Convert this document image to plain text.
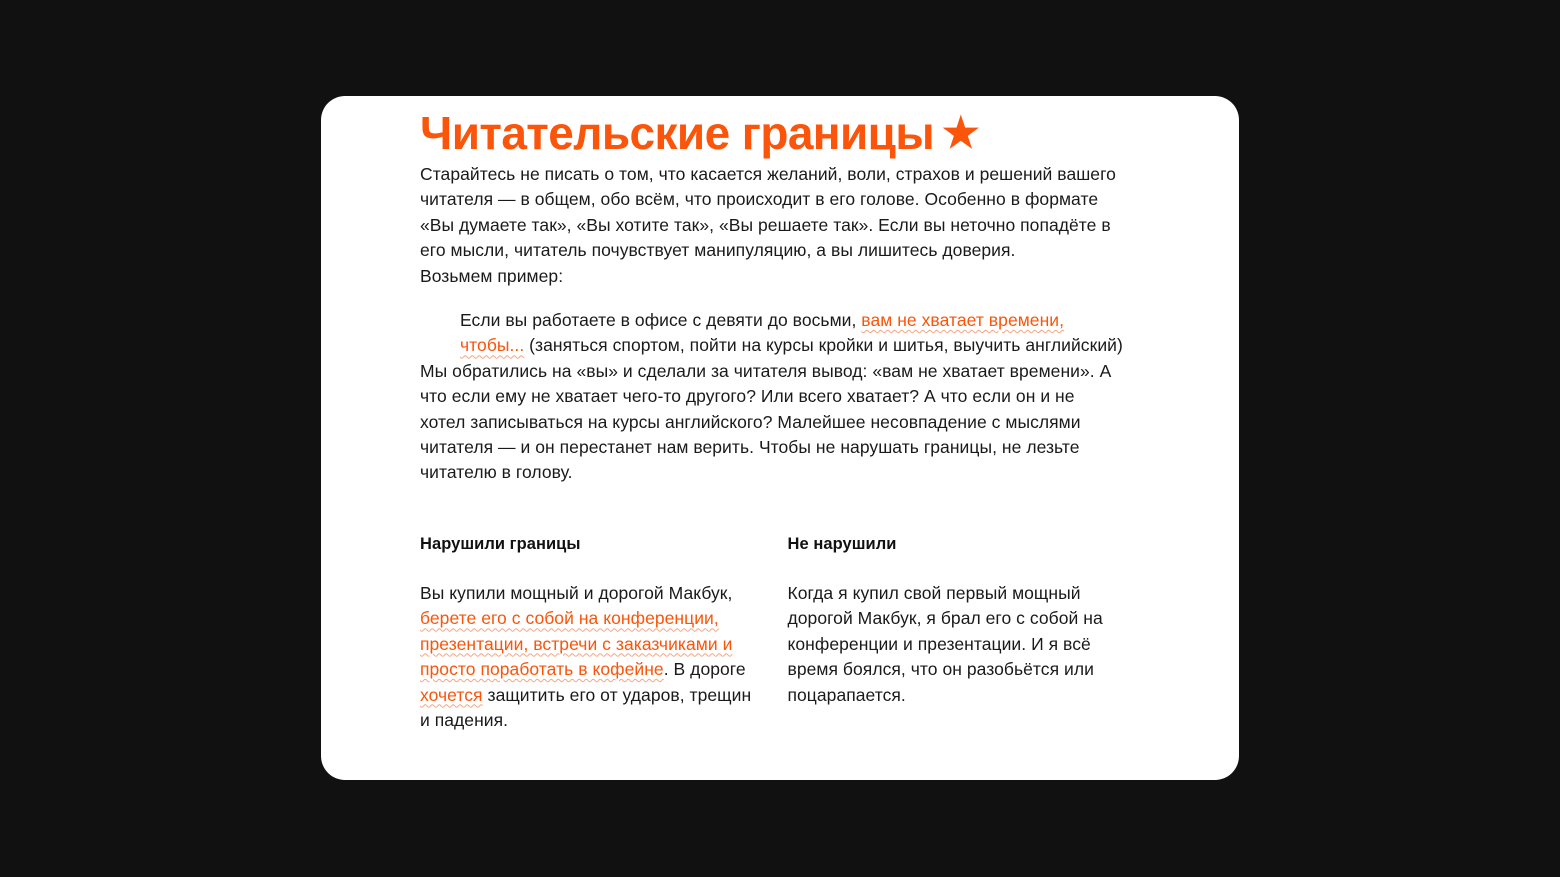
Читательские границы ★

Старайтесь не писать о том, что касается желаний, воли, страхов и решений вашего читателя — в общем, обо всём, что происходит в его голове. Особенно в формате «Вы думаете так», «Вы хотите так», «Вы решаете так». Если вы неточно попадёте в его мысли, читатель почувствует манипуляцию, а вы лишитесь доверия.

Возьмем пример:

Если вы работаете в офисе с девяти до восьми, вам не хватает времени, чтобы... (заняться спортом, пойти на курсы кройки и шитья, выучить английский)

Мы обратились на «вы» и сделали за читателя вывод: «вам не хватает времени». А что если ему не хватает чего-то другого? Или всего хватает? А что если он и не хотел записываться на курсы английского? Малейшее несовпадение с мыслями читателя — и он перестанет нам верить. Чтобы не нарушать границы, не лезьте читателю в голову.

Нарушили границы

Вы купили мощный и дорогой Макбук, берете его с собой на конференции, презентации, встречи с заказчиками и просто поработать в кофейне. В дороге хочется защитить его от ударов, трещин и падения.

Не нарушили

Когда я купил свой первый мощный дорогой Макбук, я брал его с собой на конференции и презентации. И я всё время боялся, что он разобьётся или поцарапается.
